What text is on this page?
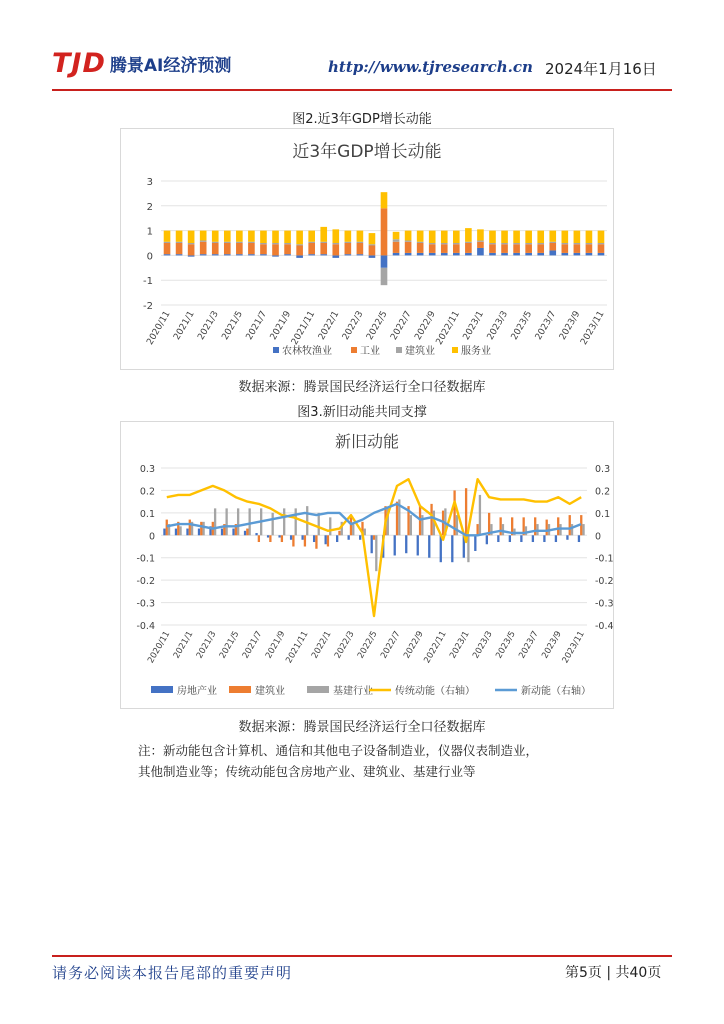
TJD 腾景AI经济预测	http://www.tjresearch.cn 2024年1月16日
图2.近3年GDP增长动能
近3年GDP增长动能
-2
-1
0
1
2
3
2020/11 2021/1 2021/3 2021/5 2021/7 2021/9
2021/11 2022/1 2022/3 2022/5 2022/7 2022/9
2022/11 2023/1 2023/3 2023/5 2023/7 2023/9
2023/11
农林牧渔业	工业	建筑业	服务业
数据来源：腾景国民经济运行全口径数据库
图3.新旧动能共同支撑
新旧动能
0.3
0.2
0.1
0
-0.1
-0.2
-0.3
-0.4
0.3
0.2
0.1
0
-0.1
-0.2
-0.3
-0.4
2020/11 2021/1 2021/3 2021/5 2021/7 2021/9
2021/11 2022/1 2022/3 2022/5 2022/7 2022/9
2022/11 2023/1 2023/3 2023/5 2023/7 2023/9
2023/11
房地产业	建筑业	基建行业 传统动能（右轴）	新动能（右轴）
数据来源：腾景国民经济运行全口径数据库
注：新动能包含计算机、通信和其他电子设备制造业，仪器仪表制造业，
其他制造业等；传统动能包含房地产业、建筑业、基建行业等
请务必阅读本报告尾部的重要声明	第5页 | 共40页
